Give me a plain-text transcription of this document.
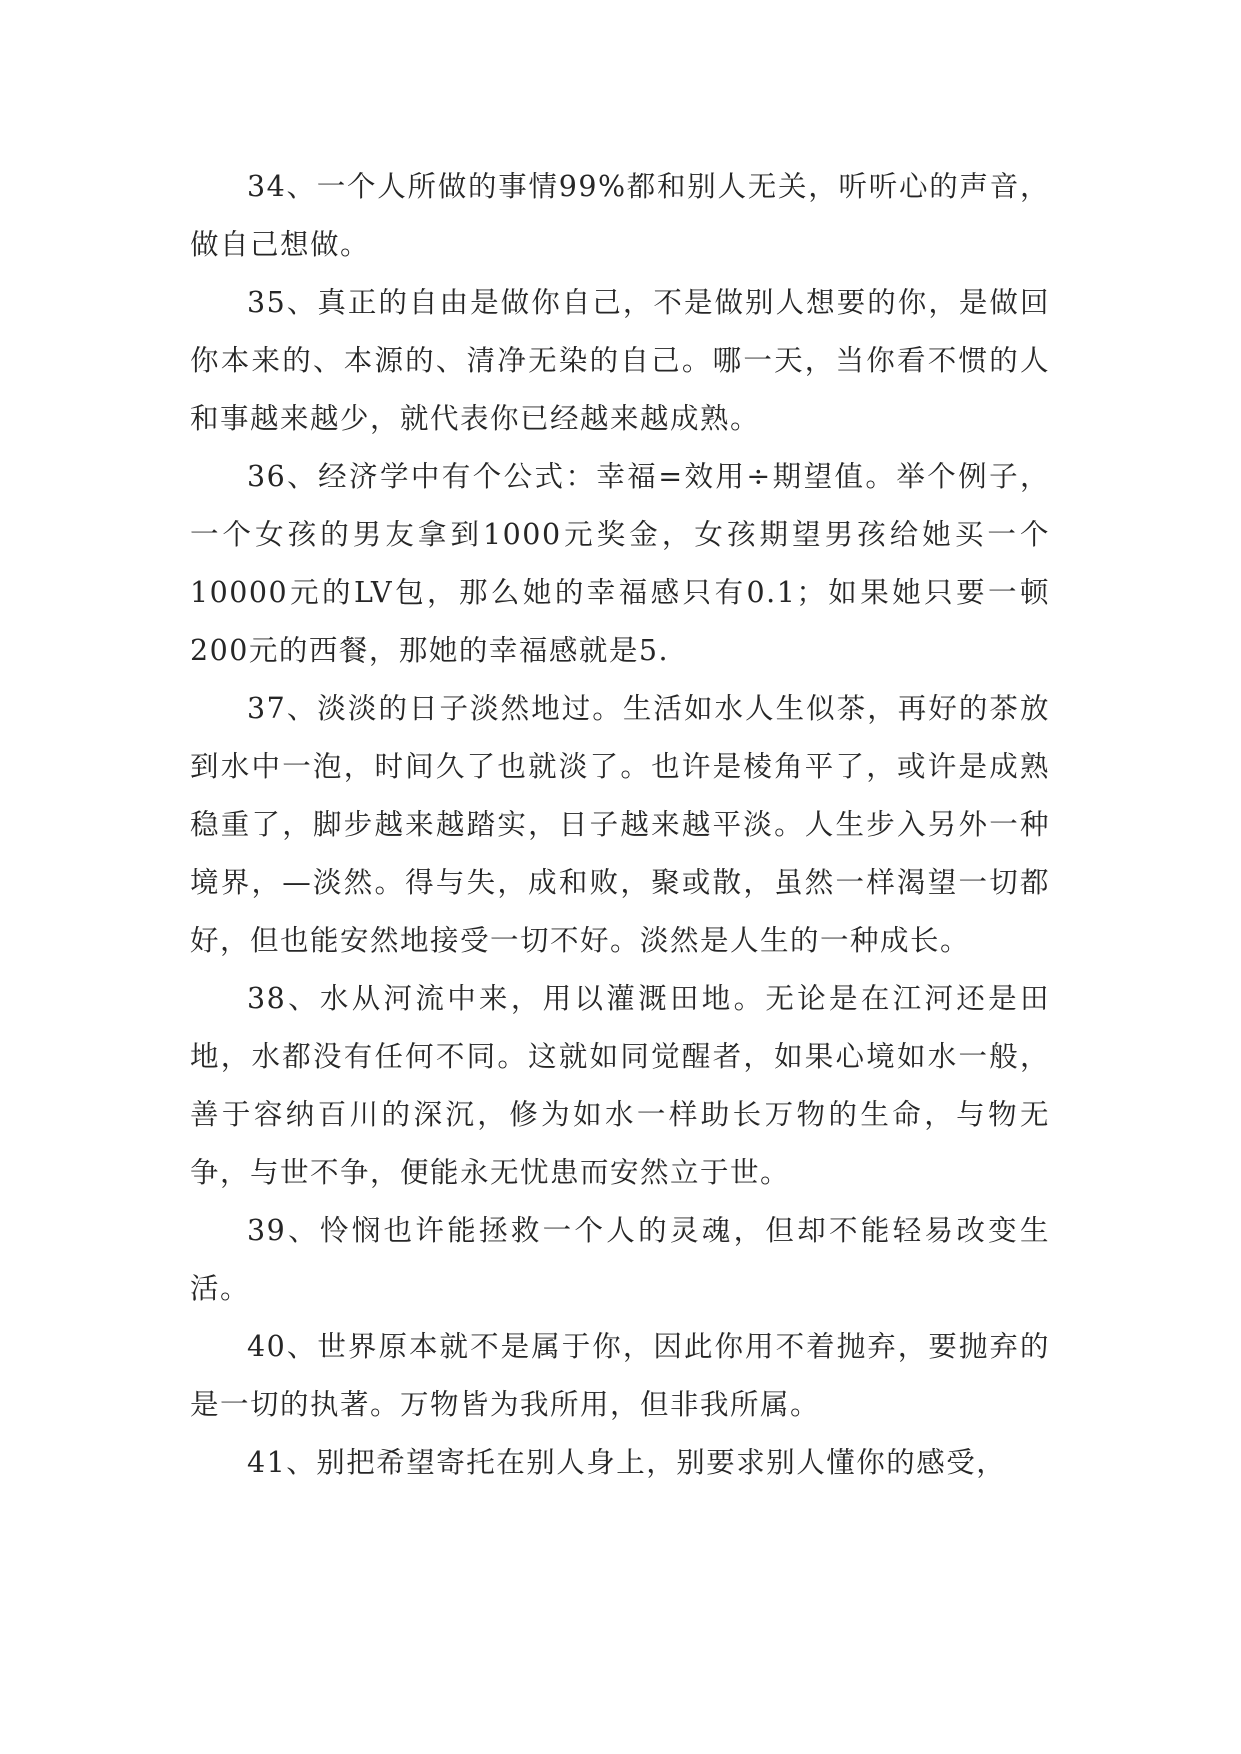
34、一个人所做的事情99%都和别人无关，听听心的声音，做自己想做。

35、真正的自由是做你自己，不是做别人想要的你，是做回你本来的、本源的、清净无染的自己。哪一天，当你看不惯的人和事越来越少，就代表你已经越来越成熟。

36、经济学中有个公式：幸福=效用÷期望值。举个例子，一个女孩的男友拿到1000元奖金，女孩期望男孩给她买一个10000元的LV包，那么她的幸福感只有0.1；如果她只要一顿200元的西餐，那她的幸福感就是5.

37、淡淡的日子淡然地过。生活如水人生似茶，再好的茶放到水中一泡，时间久了也就淡了。也许是棱角平了，或许是成熟稳重了，脚步越来越踏实，日子越来越平淡。人生步入另外一种境界，—淡然。得与失，成和败，聚或散，虽然一样渴望一切都好，但也能安然地接受一切不好。淡然是人生的一种成长。

38、水从河流中来，用以灌溉田地。无论是在江河还是田地，水都没有任何不同。这就如同觉醒者，如果心境如水一般，善于容纳百川的深沉，修为如水一样助长万物的生命，与物无争，与世不争，便能永无忧患而安然立于世。

39、怜悯也许能拯救一个人的灵魂，但却不能轻易改变生活。

40、世界原本就不是属于你，因此你用不着抛弃，要抛弃的是一切的执著。万物皆为我所用，但非我所属。

41、别把希望寄托在别人身上，别要求别人懂你的感受，
